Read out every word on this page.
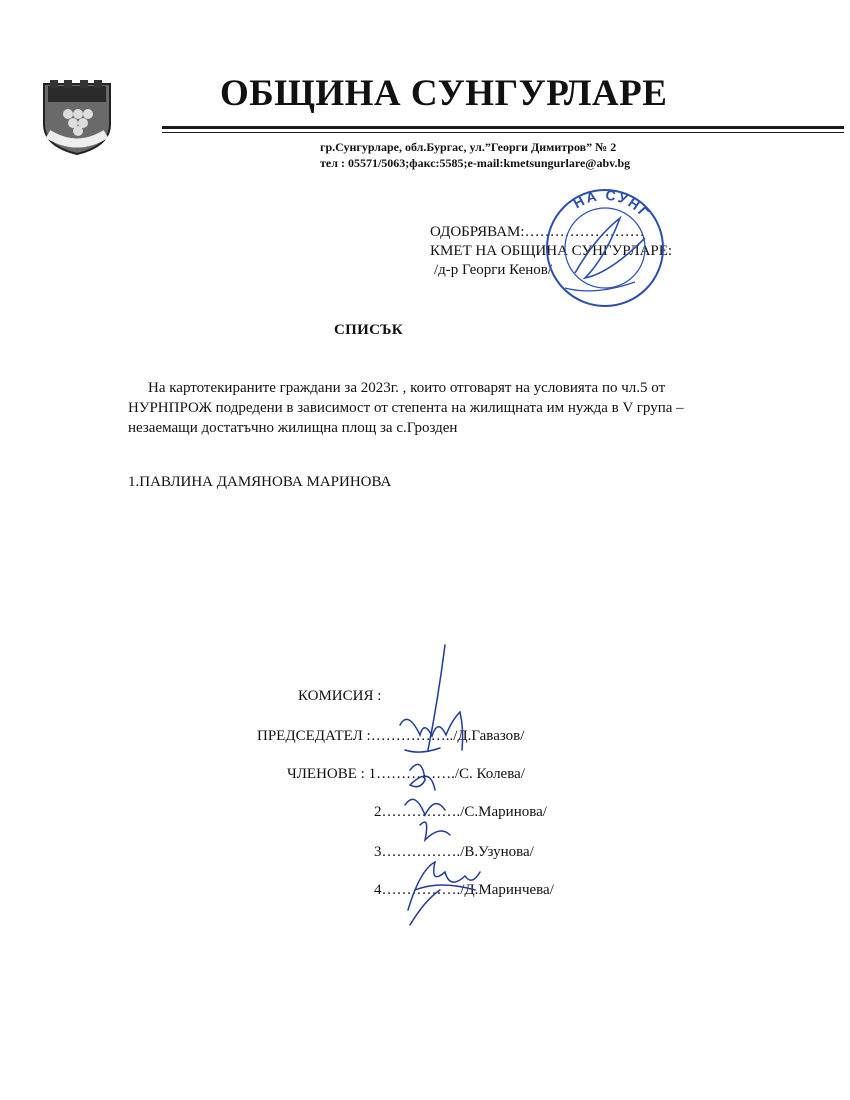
ОБЩИНА СУНГУРЛАРЕ
гр.Сунгурларе, обл.Бургас, ул.”Георги Димитров” № 2
тел : 05571/5063;факс:5585;e-mail:kmetsungurlare@abv.bg
ОДОБРЯВАМ:……………………
КМЕТ НА ОБЩИНА СУНГУРЛАРЕ:
/д-р Георги Кенов/
НА СУНГ
СПИСЪК

На картотекираните граждани за 2023г. , които отговарят на условията по чл.5 от

НУРНПРОЖ подредени в зависимост от степента на жилищната им нужда в V група –

незаемащи достатъчно жилищна площ за с.Грозден

1.ПАВЛИНА ДАМЯНОВА МАРИНОВА
КОМИСИЯ :
ПРЕДСЕДАТЕЛ :……………../Д.Гавазов/
ЧЛЕНОВЕ : 1……………./С. Колева/
2……………./С.Маринова/
3……………./В.Узунова/
4……………./Д.Маринчева/
